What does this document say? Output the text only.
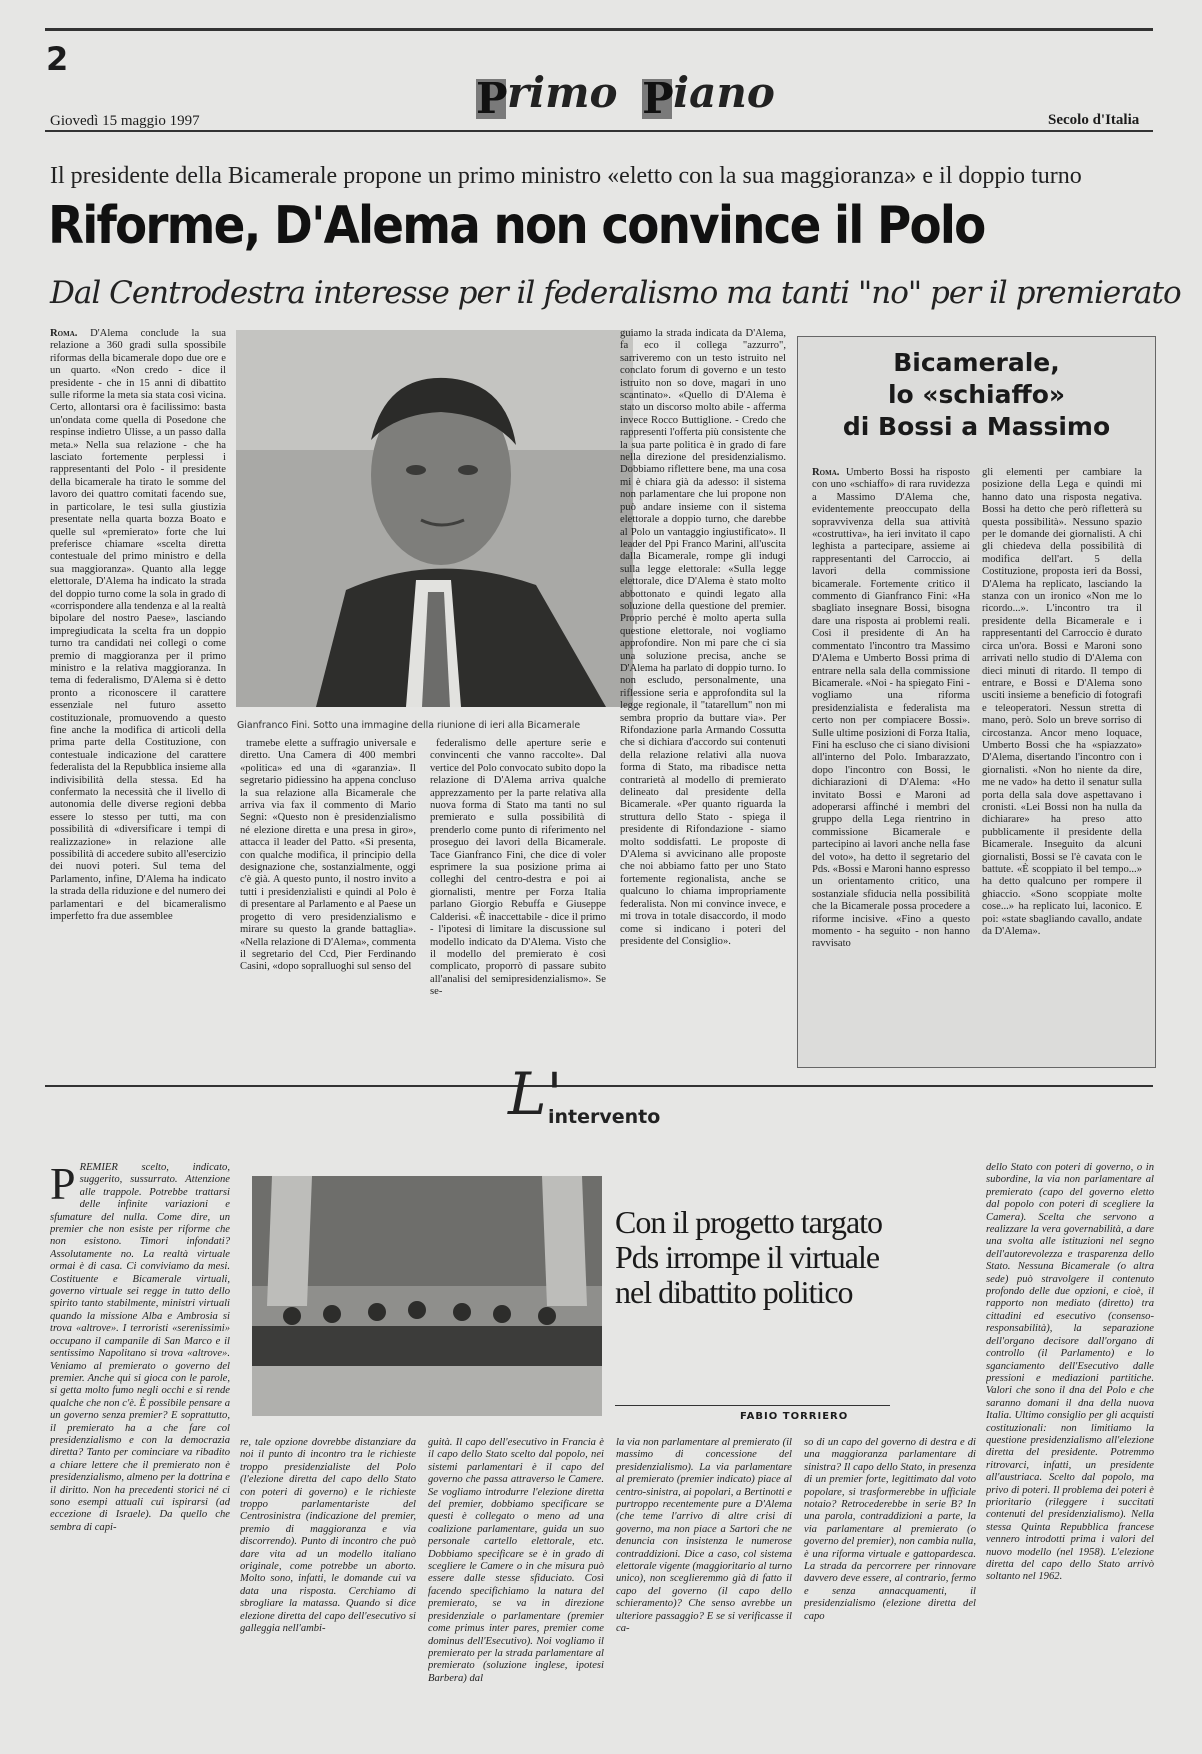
2
Primo Piano
Giovedì 15 maggio 1997	Secolo d'Italia
Il presidente della Bicamerale propone un primo ministro «eletto con la sua maggioranza» e il doppio turno
Riforme, D'Alema non convince il Polo
Dal Centrodestra interesse per il federalismo ma tanti "no" per il premierato
Gianfranco Fini. Sotto una immagine della riunione di ieri alla Bicamerale

Roma. D'Alema conclude la sua relazione a 360 gradi sulla spossibile riformas della bicamerale dopo due ore e un quarto. «Non credo - dice il presidente - che in 15 anni di dibattito sulle riforme la meta sia stata così vicina. Certo, allontarsi ora è facilissimo: basta un'ondata come quella di Posedone che respinse indietro Ulisse, a un passo dalla meta.» Nella sua relazione - che ha lasciato fortemente perplessi i rappresentanti del Polo - il presidente della bicamerale ha tirato le somme del lavoro dei quattro comitati facendo sue, in particolare, le tesi sulla giustizia presentate nella quarta bozza Boato e quelle sul «premierato» forte che lui preferisce chiamare «scelta diretta contestuale del primo ministro e della sua maggioranza». Quanto alla legge elettorale, D'Alema ha indicato la strada del doppio turno come la sola in grado di «corrispondere alla tendenza e al la realtà bipolare del nostro Paese», lasciando impregiudicata la scelta fra un doppio turno tra candidati nei collegi o come premio di maggioranza per il primo ministro e la relativa maggioranza. In tema di federalismo, D'Alema si è detto pronto a riconoscere il carattere essenziale nel futuro assetto costituzionale, promuovendo a questo fine anche la modifica di articoli della prima parte della Costituzione, con contestuale indicazione del carattere federalista del la Repubblica insieme alla indivisibilità della stessa. Ed ha confermato la necessità che il livello di autonomia delle diverse regioni debba essere lo stesso per tutti, ma con possibilità di «diversificare i tempi di realizzazione» in relazione alle possibilità di accedere subito all'esercizio dei nuovi poteri. Sul tema del Parlamento, infine, D'Alema ha indicato la strada della riduzione e del numero dei parlamentari e del bicameralismo imperfetto fra due assemblee

tramebe elette a suffragio universale e diretto. Una Camera di 400 membri «politica» ed una di «garanzia». Il segretario pidiessino ha appena concluso la sua relazione alla Bicamerale che arriva via fax il commento di Mario Segni: «Questo non è presidenzialismo né elezione diretta e una presa in giro», attacca il leader del Patto. «Si presenta, con qualche modifica, il principio della designazione che, sostanzialmente, oggi c'è già. A questo punto, il nostro invito a tutti i presidenzialisti e quindi al Polo è di presentare al Parlamento e al Paese un progetto di vero presidenzialismo e mirare su questo la grande battaglia». «Nella relazione di D'Alema», commenta il segretario del Ccd, Pier Ferdinando Casini, «dopo sopralluoghi sul senso del

federalismo delle aperture serie e convincenti che vanno raccolte». Dal vertice del Polo convocato subito dopo la relazione di D'Alema arriva qualche apprezzamento per la parte relativa alla nuova forma di Stato ma tanti no sul premierato e sulla possibilità di prenderlo come punto di riferimento nel proseguo dei lavori della Bicamerale. Tace Gianfranco Fini, che dice di voler esprimere la sua posizione prima ai colleghi del centro-destra e poi ai giornalisti, mentre per Forza Italia parlano Giorgio Rebuffa e Giuseppe Calderisi. «È inaccettabile - dice il primo - l'ipotesi di limitare la discussione sul modello indicato da D'Alema. Visto che il modello del premierato è così complicato, proporrò di passare subito all'analisi del semipresidenzialismo». Se se-

guiamo la strada indicata da D'Alema, fa eco il collega "azzurro", sarriveremo con un testo istruito nel conclato forum di governo e un testo istruito non so dove, magari in uno scantinato». «Quello di D'Alema è stato un discorso molto abile - afferma invece Rocco Buttiglione. - Credo che rappresenti l'offerta più consistente che la sua parte politica è in grado di fare nella direzione del presidenzialismo. Dobbiamo riflettere bene, ma una cosa mi è chiara già da adesso: il sistema non parlamentare che lui propone non può andare insieme con il sistema elettorale a doppio turno, che darebbe al Polo un vantaggio ingiustificato». Il leader del Ppi Franco Marini, all'uscita dalla Bicamerale, rompe gli indugi sulla legge elettorale: «Sulla legge elettorale, dice D'Alema è stato molto abbottonato e quindi legato alla soluzione della questione del premier. Proprio perché è molto aperta sulla questione elettorale, noi vogliamo approfondire. Non mi pare che ci sia una soluzione precisa, anche se D'Alema ha parlato di doppio turno. Io non escludo, personalmente, una riflessione seria e approfondita sul la legge regionale, il "tatarellum" non mi sembra proprio da buttare via». Per Rifondazione parla Armando Cossutta che si dichiara d'accordo sui contenuti della relazione relativi alla nuova forma di Stato, ma ribadisce netta contrarietà al modello di premierato delineato dal presidente della Bicamerale. «Per quanto riguarda la struttura dello Stato - spiega il presidente di Rifondazione - siamo molto soddisfatti. Le proposte di D'Alema si avvicinano alle proposte che noi abbiamo fatto per uno Stato fortemente regionalista, anche se qualcuno lo chiama impropriamente federalista. Non mi convince invece, e mi trova in totale disaccordo, il modo come si indicano i poteri del presidente del Consiglio».

Bicamerale,
lo «schiaffo»
di Bossi a Massimo

Roma. Umberto Bossi ha risposto con uno «schiaffo» di rara ruvidezza a Massimo D'Alema che, evidentemente preoccupato della sopravvivenza della sua attività «costruttiva», ha ieri invitato il capo leghista a partecipare, assieme ai rappresentanti del Carroccio, ai lavori della commissione bicamerale. Fortemente critico il commento di Gianfranco Fini: «Ha sbagliato insegnare Bossi, bisogna dare una risposta ai problemi reali. Così il presidente di An ha commentato l'incontro tra Massimo D'Alema e Umberto Bossi prima di entrare nella sala della commissione Bicamerale. «Noi - ha spiegato Fini - vogliamo una riforma presidenzialista e federalista ma certo non per compiacere Bossi». Sulle ultime posizioni di Forza Italia, Fini ha escluso che ci siano divisioni all'interno del Polo. Imbarazzato, dopo l'incontro con Bossi, le dichiarazioni di D'Alema: «Ho invitato Bossi e Maroni ad adoperarsi affinché i membri del gruppo della Lega rientrino in commissione Bicamerale e partecipino ai lavori anche nella fase del voto», ha detto il segretario del Pds. «Bossi e Maroni hanno espresso un orientamento critico, una sostanziale sfiducia nella possibilità che la Bicamerale possa procedere a riforme incisive. «Fino a questo momento - ha seguito - non hanno ravvisato

gli elementi per cambiare la posizione della Lega e quindi mi hanno dato una risposta negativa. Bossi ha detto che però rifletterà su questa possibilità». Nessuno spazio per le domande dei giornalisti. A chi gli chiedeva della possibilità di modifica dell'art. 5 della Costituzione, proposta ieri da Bossi, D'Alema ha replicato, lasciando la stanza con un ironico «Non me lo ricordo...». L'incontro tra il presidente della Bicamerale e i rappresentanti del Carroccio è durato circa un'ora. Bossi e Maroni sono arrivati nello studio di D'Alema con dieci minuti di ritardo. Il tempo di entrare, e Bossi e D'Alema sono usciti insieme a beneficio di fotografi e teleoperatori. Nessun stretta di mano, però. Solo un breve sorriso di circostanza. Ancor meno loquace, Umberto Bossi che ha «spiazzato» D'Alema, disertando l'incontro con i giornalisti. «Non ho niente da dire, me ne vado» ha detto il senatur sulla porta della sala dove aspettavano i cronisti. «Lei Bossi non ha nulla da dichiarare» ha preso atto pubblicamente il presidente della Bicamerale. Inseguito da alcuni giornalisti, Bossi se l'è cavata con le battute. «È scoppiato il bel tempo...» ha detto qualcuno per rompere il ghiaccio. «Sono scoppiate molte cose...» ha replicato lui, laconico. E poi: «state sbagliando cavallo, andate da D'Alema».

L'
intervento
Con il progetto targato Pds irrompe il virtuale nel dibattito politico
FABIO TORRIERO

PREMIER scelto, indicato, suggerito, sussurrato. Attenzione alle trappole. Potrebbe trattarsi delle infinite variazioni e sfumature del nulla. Come dire, un premier che non esiste per riforme che non esistono. Timori infondati? Assolutamente no. La realtà virtuale ormai è di casa. Ci conviviamo da mesi. Costituente e Bicamerale virtuali, governo virtuale sei regge in tutto dello spirito tanto stabilmente, ministri virtuali quando la missione Alba e Ambrosia si trova «altrove». I terroristi «serenissimi» occupano il campanile di San Marco e il sentissimo Napolitano si trova «altrove». Veniamo al premierato o governo del premier. Anche qui si gioca con le parole, si getta molto fumo negli occhi e si rende qualche che non c'è. È possibile pensare a un governo senza premier? E soprattutto, il premierato ha a che fare col presidenzialismo e con la democrazia diretta? Tanto per cominciare va ribadito a chiare lettere che il premierato non è presidenzialismo, almeno per la dottrina e il diritto. Non ha precedenti storici né ci sono esempi attuali cui ispirarsi (ad eccezione di Israele). Da quello che sembra di capi-

re, tale opzione dovrebbe distanziare da noi il punto di incontro tra le richieste troppo presidenzialiste del Polo (l'elezione diretta del capo dello Stato con poteri di governo) e le richieste troppo parlamentariste del Centrosinistra (indicazione del premier, premio di maggioranza e via discorrendo). Punto di incontro che può dare vita ad un modello italiano originale, come potrebbe un aborto. Molto sono, infatti, le domande cui va data una risposta. Cerchiamo di sbrogliare la matassa. Quando si dice elezione diretta del capo dell'esecutivo si galleggia nell'ambi-

guità. Il capo dell'esecutivo in Francia è il capo dello Stato scelto dal popolo, nei sistemi parlamentari è il capo del governo che passa attraverso le Camere. Se vogliamo introdurre l'elezione diretta del premier, dobbiamo specificare se questi è collegato o meno ad una coalizione parlamentare, guida un suo personale cartello elettorale, etc. Dobbiamo specificare se è in grado di scegliere le Camere o in che misura può essere dalle stesse sfiduciato. Così facendo specifichiamo la natura del premierato, se va in direzione presidenziale o parlamentare (premier come primus inter pares, premier come dominus dell'Esecutivo). Noi vogliamo il premierato per la strada parlamentare al premierato (soluzione inglese, ipotesi Barbera) dal

la via non parlamentare al premierato (il massimo di concessione del presidenzialismo). La via parlamentare al premierato (premier indicato) piace al centro-sinistra, ai popolari, a Bertinotti e purtroppo recentemente pure a D'Alema (che teme l'arrivo di altre crisi di governo, ma non piace a Sartori che ne denuncia con insistenza le numerose contraddizioni. Dice a caso, col sistema elettorale vigente (maggioritario al turno unico), non sceglieremmo già di fatto il capo del governo (il capo dello schieramento)? Che senso avrebbe un ulteriore passaggio? E se si verificasse il ca-

so di un capo del governo di destra e di una maggioranza parlamentare di sinistra? Il capo dello Stato, in presenza di un premier forte, legittimato dal voto popolare, si trasformerebbe in ufficiale notaio? Retrocederebbe in serie B? In una parola, contraddizioni a parte, la via parlamentare al premierato (o governo del premier), non cambia nulla, è una riforma virtuale e gattopardesca. La strada da percorrere per rinnovare davvero deve essere, al contrario, fermo e senza annacquamenti, il presidenzialismo (elezione diretta del capo

dello Stato con poteri di governo, o in subordine, la via non parlamentare al premierato (capo del governo eletto dal popolo con poteri di scegliere la Camera). Scelta che servono a realizzare la vera governabilità, a dare una svolta alle istituzioni nel segno dell'autorevolezza e trasparenza dello Stato. Nessuna Bicamerale (o altra sede) può stravolgere il contenuto profondo delle due opzioni, e cioè, il rapporto non mediato (diretto) tra cittadini ed esecutivo (consenso-responsabilità), la separazione dell'organo decisore dall'organo di controllo (il Parlamento) e lo sganciamento dell'Esecutivo dalle pressioni e mediazioni partitiche. Valori che sono il dna del Polo e che saranno domani il dna della nuova Italia. Ultimo consiglio per gli acquisti costituzionali: non limitiamo la questione presidenzialismo all'elezione diretta del presidente. Potremmo ritrovarci, infatti, un presidente all'austriaca. Scelto dal popolo, ma privo di poteri. Il problema dei poteri è prioritario (rileggere i succitati contenuti del presidenzialismo). Nella stessa Quinta Repubblica francese vennero introdotti prima i valori del nuovo modello (nel 1958). L'elezione diretta del capo dello Stato arrivò soltanto nel 1962.
